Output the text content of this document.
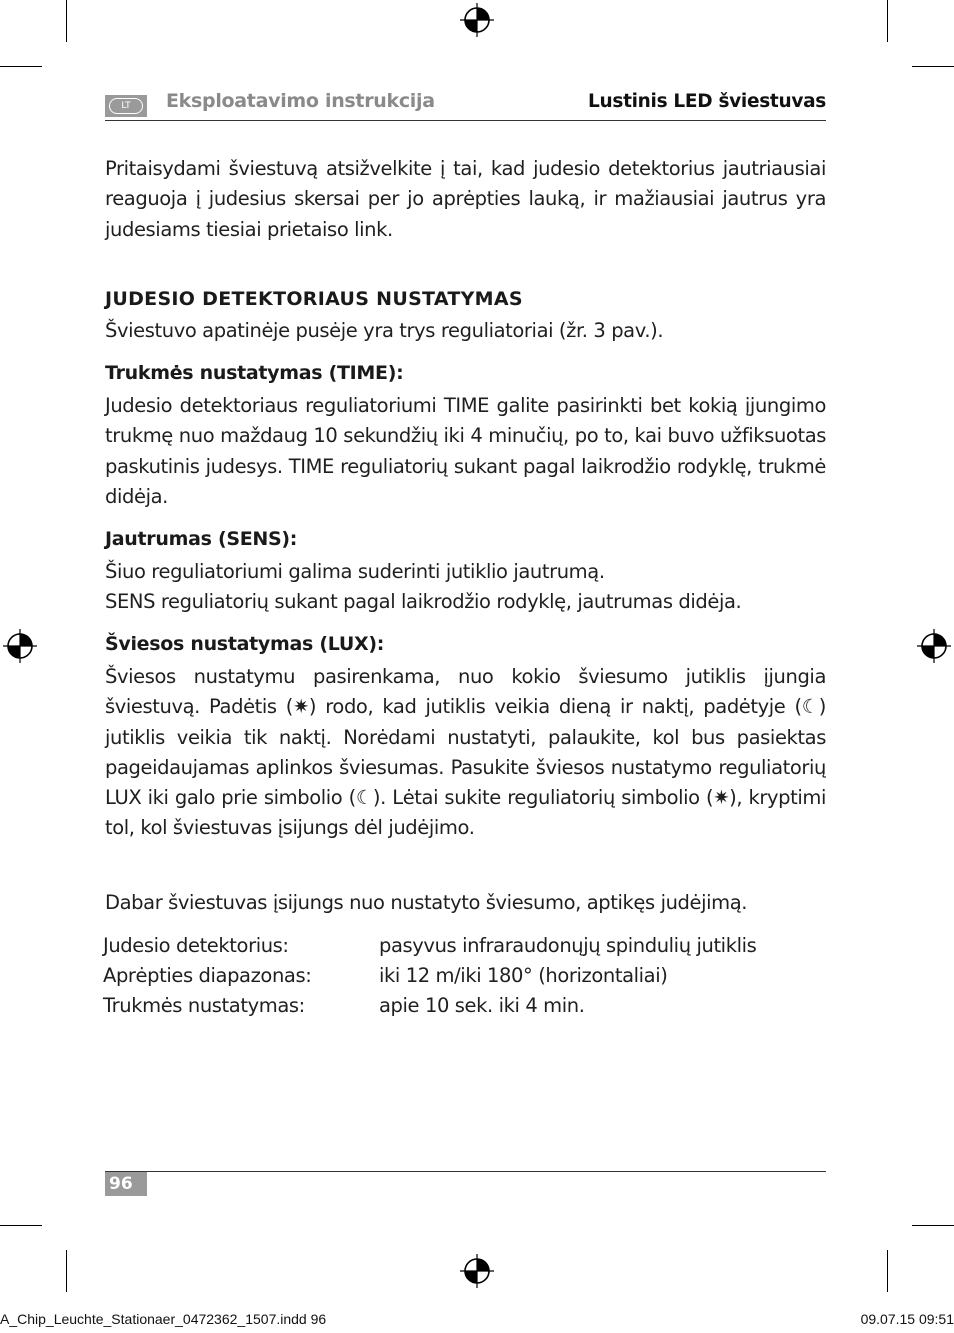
LT	Eksploatavimo instrukcija	Lustinis LED šviestuvas
Pritaisydami šviestuvą atsižvelkite į tai, kad judesio detektorius jautriausiai reaguoja į judesius skersai per jo aprėpties lauką, ir mažiausiai jautrus yra judesiams tiesiai prietaiso link.
JUDESIO DETEKTORIAUS NUSTATYMAS
Šviestuvo apatinėje pusėje yra trys reguliatoriai (žr. 3 pav.).
Trukmės nustatymas (TIME):
Judesio detektoriaus reguliatoriumi TIME galite pasirinkti bet kokią įjungimo trukmę nuo maždaug 10 sekundžių iki 4 minučių, po to, kai buvo užfiksuotas paskutinis judesys. TIME reguliatorių sukant pagal laikrodžio rodyklę, trukmė didėja.
Jautrumas (SENS):
Šiuo reguliatoriumi galima suderinti jutiklio jautrumą.
SENS reguliatorių sukant pagal laikrodžio rodyklę, jautrumas didėja.
Šviesos nustatymas (LUX):
Šviesos nustatymu pasirenkama, nuo kokio šviesumo jutiklis įjungia šviestuvą. Padėtis (✷) rodo, kad jutiklis veikia dieną ir naktį, padėtyje (☾) jutiklis veikia tik naktį. Norėdami nustatyti, palaukite, kol bus pasiektas pageidaujamas aplinkos šviesumas. Pasukite šviesos nustatymo reguliatorių LUX iki galo prie simbolio (☾). Lėtai sukite reguliatorių simbolio (✷), kryptimi tol, kol šviestuvas įsijungs dėl judėjimo.
Dabar šviestuvas įsijungs nuo nustatyto šviesumo, aptikęs judėjimą.
Judesio detektorius:	pasyvus infraraudonųjų spindulių jutiklis
Aprėpties diapazonas:	iki 12 m/iki 180° (horizontaliai)
Trukmės nustatymas:	apie 10 sek. iki 4 min.
96
A_Chip_Leuchte_Stationaer_0472362_1507.indd 96	09.07.15 09:51
